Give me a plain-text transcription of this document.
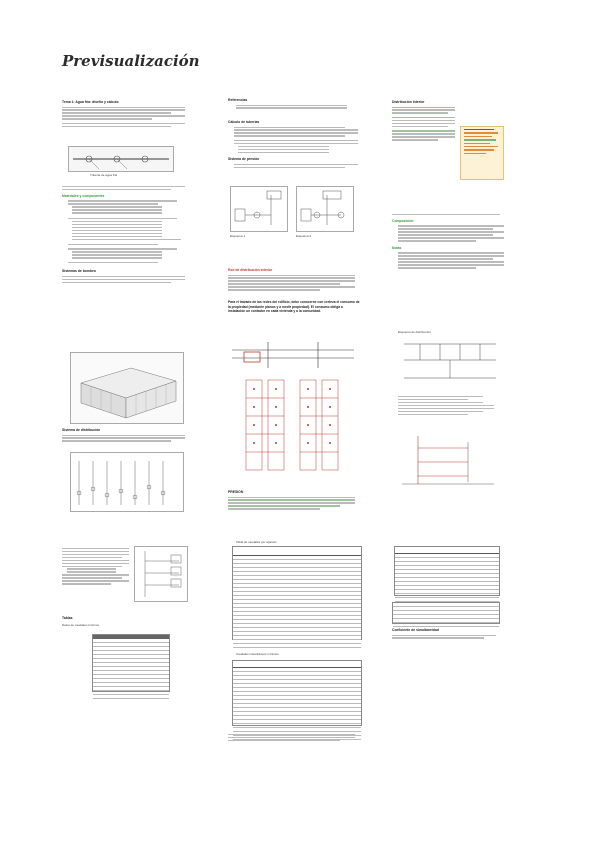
Previsualización
Tema 1: Agua fría: diseño y cálculo
Tubería de agua fría
Materiales y componentes
Sistemas de bombeo
Sistema de distribución
Tablas
Datos de caudales mínimos
Referencias
Cálculo de tuberías
Sistema de presión
Esquema 1	Esquema 2
Red de distribución interior
Para el trazado de las redes del edificio, debe conocerse con certeza el consumo de la propiedad (mediante planos y a medir propiedad). El consumo obliga a instalación un contador en cada vivienda y a la comunidad.
PRESIÓN
Tabla de caudales por aparato
Caudales instantáneos mínimos
Distribución interior
Composición
Notas
Esquema de distribución
Coeficiente de simultaneidad
